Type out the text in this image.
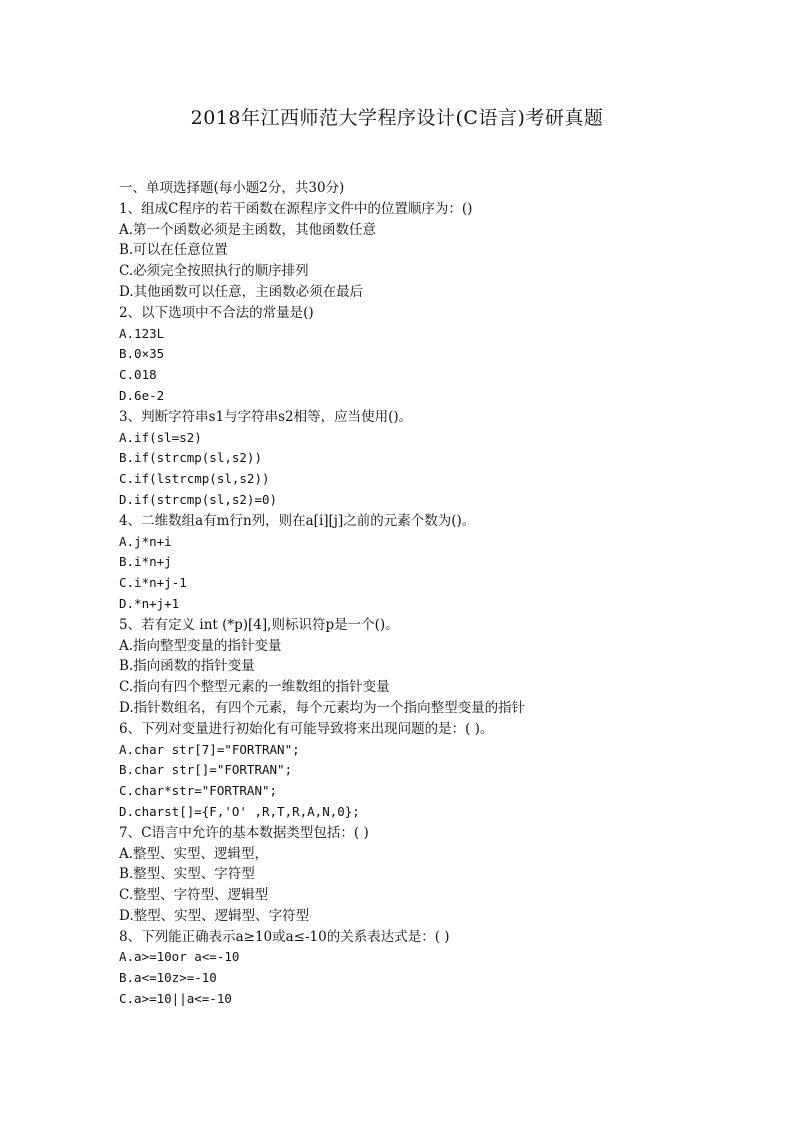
2018年江西师范大学程序设计(C语言)考研真题
一、单项选择题(每小题2分，共30分)
1、组成C程序的若干函数在源程序文件中的位置顺序为：()
A.第一个函数必须是主函数，其他函数任意
B.可以在任意位置
C.必须完全按照执行的顺序排列
D.其他函数可以任意，主函数必须在最后
2、以下选项中不合法的常量是()
A.123L
B.0×35
C.018
D.6e-2
3、判断字符串s1与字符串s2相等，应当使用()。
A.if(sl=s2)
B.if(strcmp(sl,s2))
C.if(lstrcmp(sl,s2))
D.if(strcmp(sl,s2)=0)
4、二维数组a有m行n列，则在a[i][j]之前的元素个数为()。
A.j*n+i
B.i*n+j
C.i*n+j-1
D.*n+j+1
5、若有定义 int (*p)[4],则标识符p是一个()。
A.指向整型变量的指针变量
B.指向函数的指针变量
C.指向有四个整型元素的一维数组的指针变量
D.指针数组名，有四个元素，每个元素均为一个指向整型变量的指针
6、下列对变量进行初始化有可能导致将来出现问题的是：( )。
A.char str[7]="FORTRAN";
B.char str[]="FORTRAN";
C.char*str="FORTRAN";
D.charst[]={F,'O' ,R,T,R,A,N,0};
7、C语言中允许的基本数据类型包括：( )
A.整型、实型、逻辑型，
B.整型、实型、字符型
C.整型、字符型、逻辑型
D.整型、实型、逻辑型、字符型
8、下列能正确表示a≥10或a≤-10的关系表达式是：( )
A.a>=10or a<=-10
B.a<=10z>=-10
C.a>=10||a<=-10
